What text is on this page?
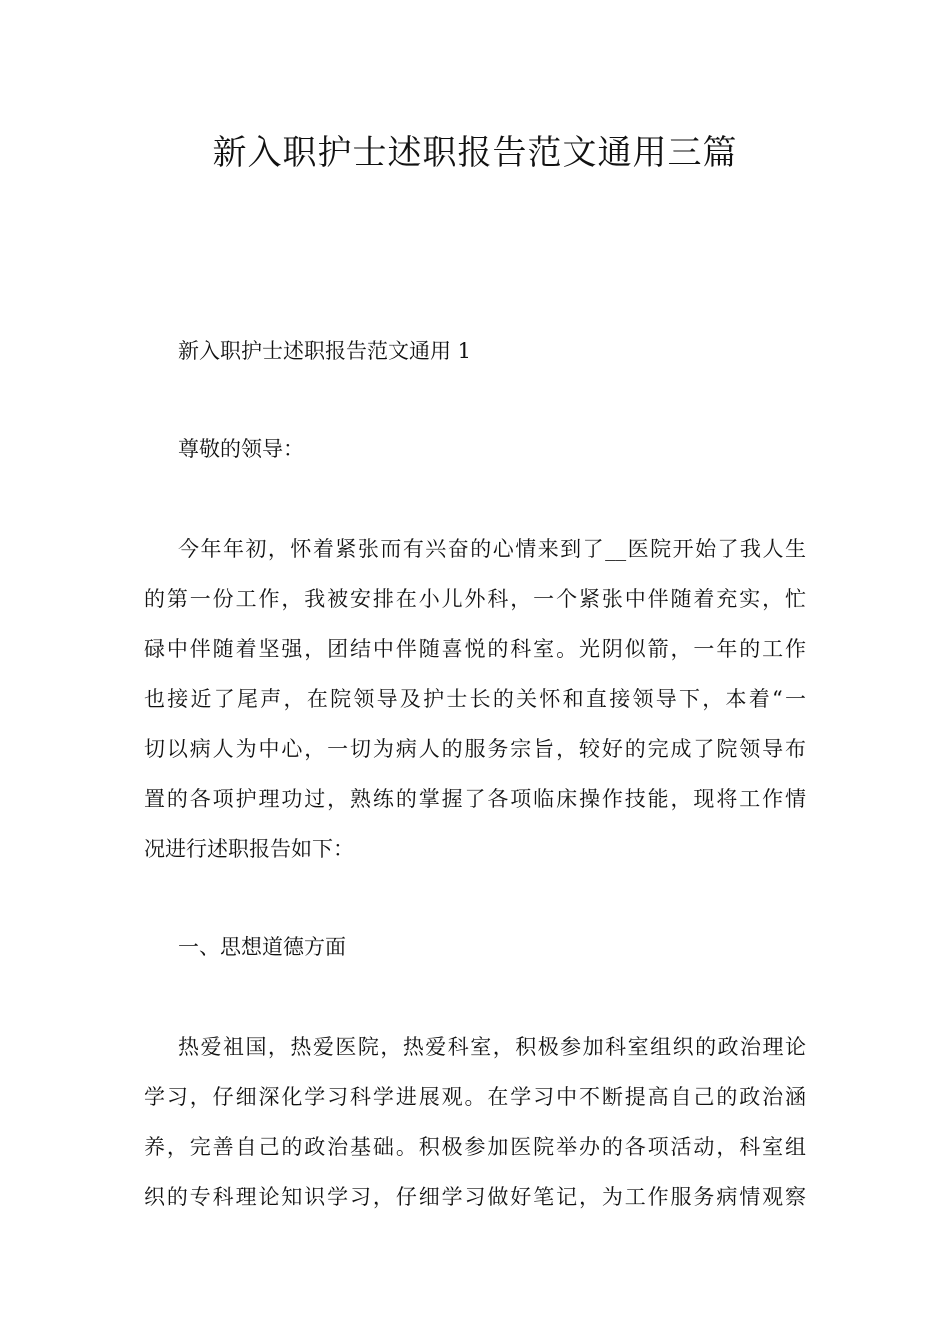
新入职护士述职报告范文通用三篇

新入职护士述职报告范文通用 1

尊敬的领导：

今年年初，怀着紧张而有兴奋的心情来到了__医院开始了我人生
的第一份工作，我被安排在小儿外科，一个紧张中伴随着充实，忙
碌中伴随着坚强，团结中伴随喜悦的科室。光阴似箭，一年的工作
也接近了尾声，在院领导及护士长的关怀和直接领导下，本着“一
切以病人为中心，一切为病人的服务宗旨，较好的完成了院领导布
置的各项护理功过，熟练的掌握了各项临床操作技能，现将工作情
况进行述职报告如下：

一、思想道德方面

热爱祖国，热爱医院，热爱科室，积极参加科室组织的政治理论
学习，仔细深化学习科学进展观。在学习中不断提高自己的政治涵
养，完善自己的政治基础。积极参加医院举办的各项活动，科室组
织的专科理论知识学习，仔细学习做好笔记，为工作服务病情观察
